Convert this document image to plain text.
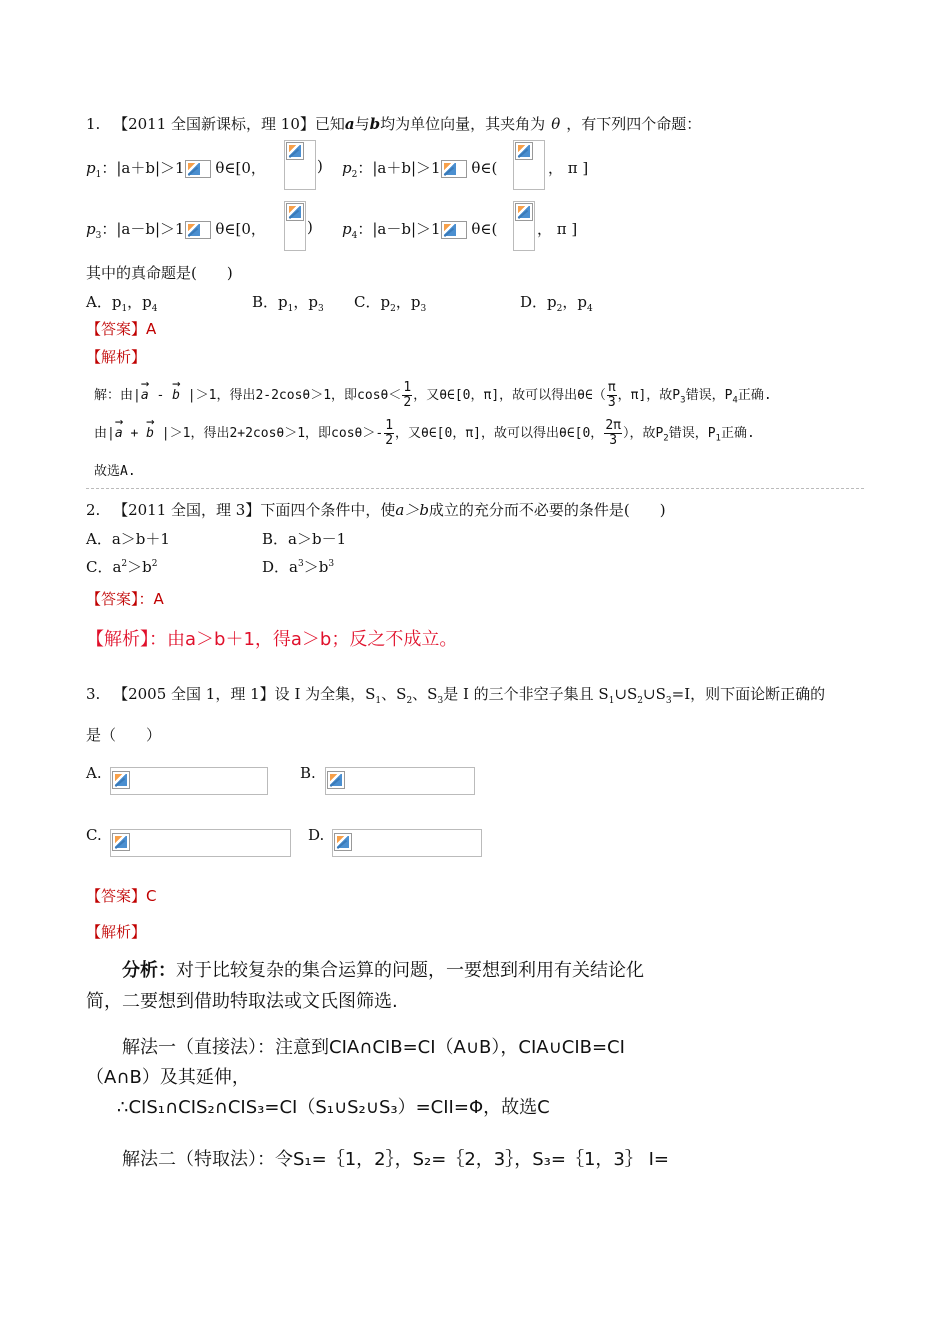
1. 【2011 全国新课标，理 10】已知a与b均为单位向量，其夹角为 θ ，有下列四个命题：
$p_1$：|a＋b|＞1 θ∈[0，	) $p_2$：|a＋b|＞1 θ∈(	， π ]
$p_3$：|a－b|＞1 θ∈[0，	) $p_4$：|a－b|＞1 θ∈(	， π ]
其中的真命题是(　　)
A．$p_1$，$p_4$	B．$p_1$，$p_3$ C．$p_2$，$p_3$	D．$p_2$，$p_4$
【答案】A
【解析】
解：由|→ a - → b |＞1，得出2-2cosθ＞1，即$\cos\theta< \frac{1}{2}$ ，又θ∈[0，π]，故可以得出θ∈（ $\frac{\pi}{3}$ ，π]，故$P_3$错误，$P_4$正确.
由|→ a + → b |＞1，得出2+2cosθ＞1，即$\cos\theta>- \frac{1}{2}$ ，又θ∈[0，π]，故可以得出θ∈[0， $\frac{2\pi}{3}$ ），故$P_2$错误，$P_1$正确.
故选A.
2. 【2011 全国，理 3】下面四个条件中，使a＞b成立的充分而不必要的条件是(　　)
A．a＞b＋1	B．a＞b－1
C．$a^2>b^2$	D．$a^3>b^3$
【答案】：A
【解析】：由a＞b＋1，得a＞b；反之不成立。
3. 【2005 全国 1，理 1】设 I 为全集，$S_1$、$S_2$、$S_3$是 I 的三个非空子集且 $S_1\cup S_2\cup S_3=I$，则下面论断正确的
是（　　）
A.	B.
C.	D.
【答案】C
【解析】
分析：对于比较复杂的集合运算的问题，一要想到利用有关结论化
简，二要想到借助特取法或文氏图筛选.
解法一（直接法）：注意到CIA∩CIB=CI（A∪B），CIA∪CIB=CI
（A∩B）及其延伸，
∴CIS₁∩CIS₂∩CIS₃=CI（S₁∪S₂∪S₃）=CII=Φ，故选C
解法二（特取法）：令S₁=｛1，2｝，S₂=｛2，3｝，S₃=｛1，3｝ I=
